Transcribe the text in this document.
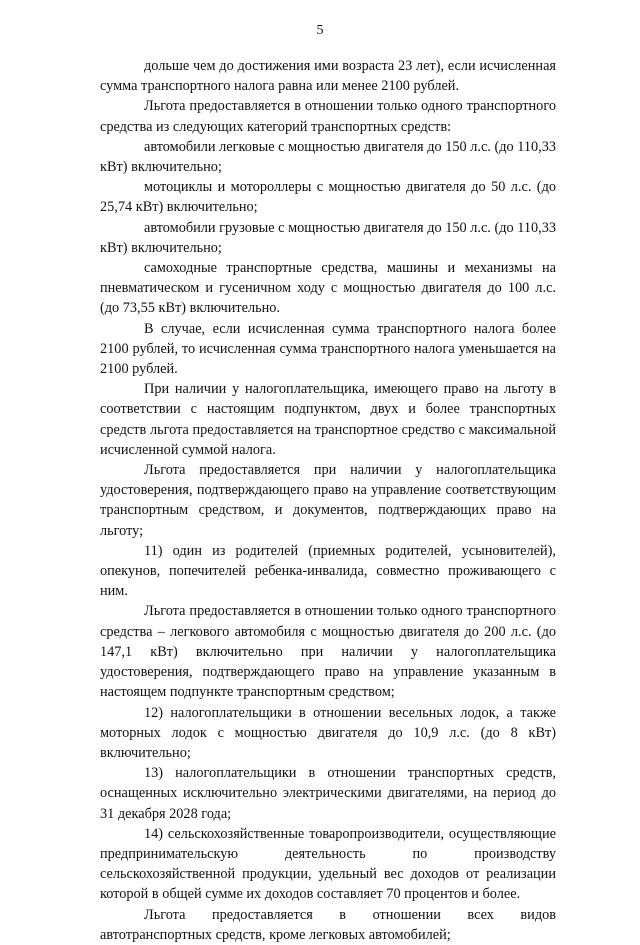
5

дольше чем до достижения ими возраста 23 лет), если исчисленная сумма транспортного налога равна или менее 2100 рублей.

Льгота предоставляется в отношении только одного транспортного средства из следующих категорий транспортных средств:

автомобили легковые с мощностью двигателя до 150 л.с. (до 110,33 кВт) включительно;

мотоциклы и мотороллеры с мощностью двигателя до 50 л.с. (до 25,74 кВт) включительно;

автомобили грузовые с мощностью двигателя до 150 л.с. (до 110,33 кВт) включительно;

самоходные транспортные средства, машины и механизмы на пневматическом и гусеничном ходу с мощностью двигателя до 100 л.с. (до 73,55 кВт) включительно.

В случае, если исчисленная сумма транспортного налога более 2100 рублей, то исчисленная сумма транспортного налога уменьшается на 2100 рублей.

При наличии у налогоплательщика, имеющего право на льготу в соответствии с настоящим подпунктом, двух и более транспортных средств льгота предоставляется на транспортное средство с максимальной исчисленной суммой налога.

Льгота предоставляется при наличии у налогоплательщика удостоверения, подтверждающего право на управление соответствующим транспортным средством, и документов, подтверждающих право на льготу;

11) один из родителей (приемных родителей, усыновителей), опекунов, попечителей ребенка-инвалида, совместно проживающего с ним.

Льгота предоставляется в отношении только одного транспортного средства – легкового автомобиля с мощностью двигателя до 200 л.с. (до 147,1 кВт) включительно при наличии у налогоплательщика удостоверения, подтверждающего право на управление указанным в настоящем подпункте транспортным средством;

12) налогоплательщики в отношении весельных лодок, а также моторных лодок с мощностью двигателя до 10,9 л.с. (до 8 кВт) включительно;

13) налогоплательщики в отношении транспортных средств, оснащенных исключительно электрическими двигателями, на период до 31 декабря 2028 года;

14) сельскохозяйственные товаропроизводители, осуществляющие предпринимательскую деятельность по производству сельскохозяйственной продукции, удельный вес доходов от реализации которой в общей сумме их доходов составляет 70 процентов и более.

Льгота предоставляется в отношении всех видов автотранспортных средств, кроме легковых автомобилей;
